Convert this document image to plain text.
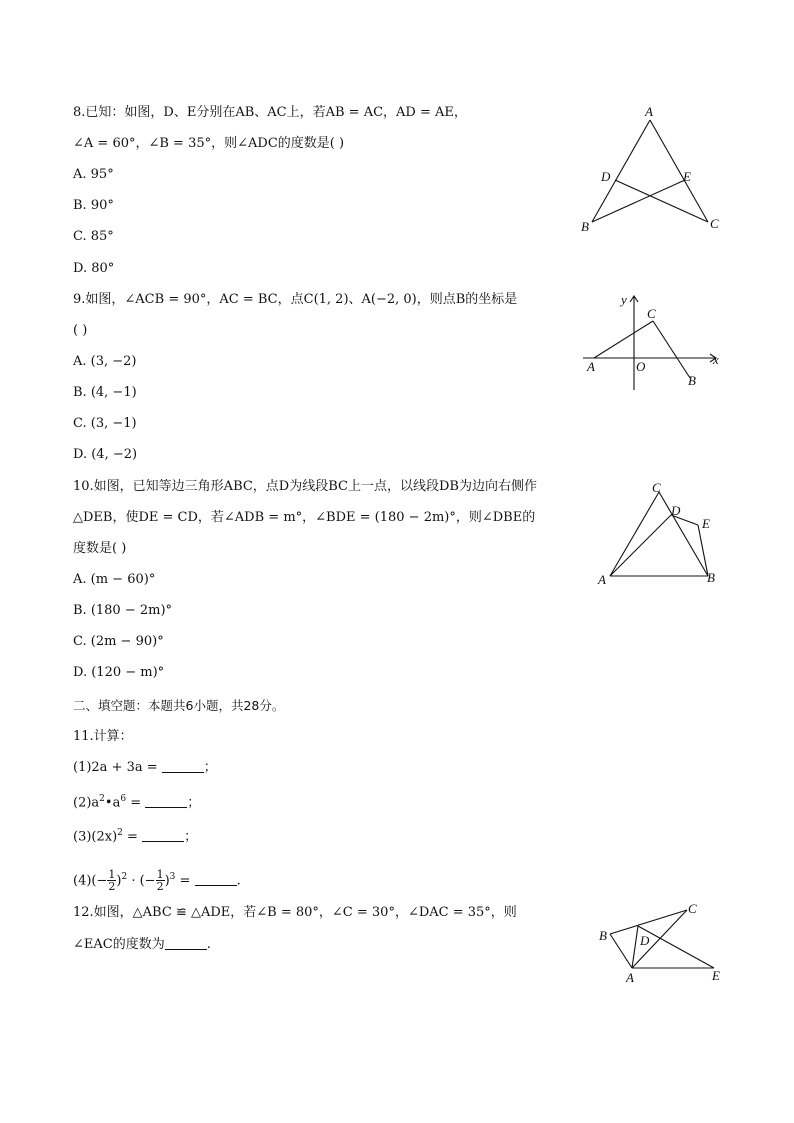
8.已知：如图，D、E分别在AB、AC上，若AB = AC，AD = AE，
∠A = 60°，∠B = 35°，则∠ADC的度数是( )
A. 95°
B. 90°
C. 85°
D. 80°
A
D	E
B	C
9.如图，∠ACB = 90°，AC = BC，点C(1, 2)、A(−2, 0)，则点B的坐标是
( )
A. (3, −2)
B. (4, −1)
C. (3, −1)
D. (4, −2)
y
x
C
A	O
B
10.如图，已知等边三角形ABC，点D为线段BC上一点，以线段DB为边向右侧作
△DEB，使DE = CD，若∠ADB = m°，∠BDE = (180 − 2m)°，则∠DBE的
度数是( )
A. (m − 60)°
B. (180 − 2m)°
C. (2m − 90)°
D. (120 − m)°
C
D
E
A	B
二、填空题：本题共6小题，共28分。
11.计算：
(1)2a + 3a =	；
$(2)a^2•a^6$ =	；
$(3)(2x)^2$ =	；
$(4)(- \frac{1}{2} )^2$ · (− $\frac{1}{2} )^3$ =	.
12.如图，△ABC ≌ △ADE，若∠B = 80°，∠C = 30°，∠DAC = 35°，则
∠EAC的度数为	.
B
C
D
A	E
